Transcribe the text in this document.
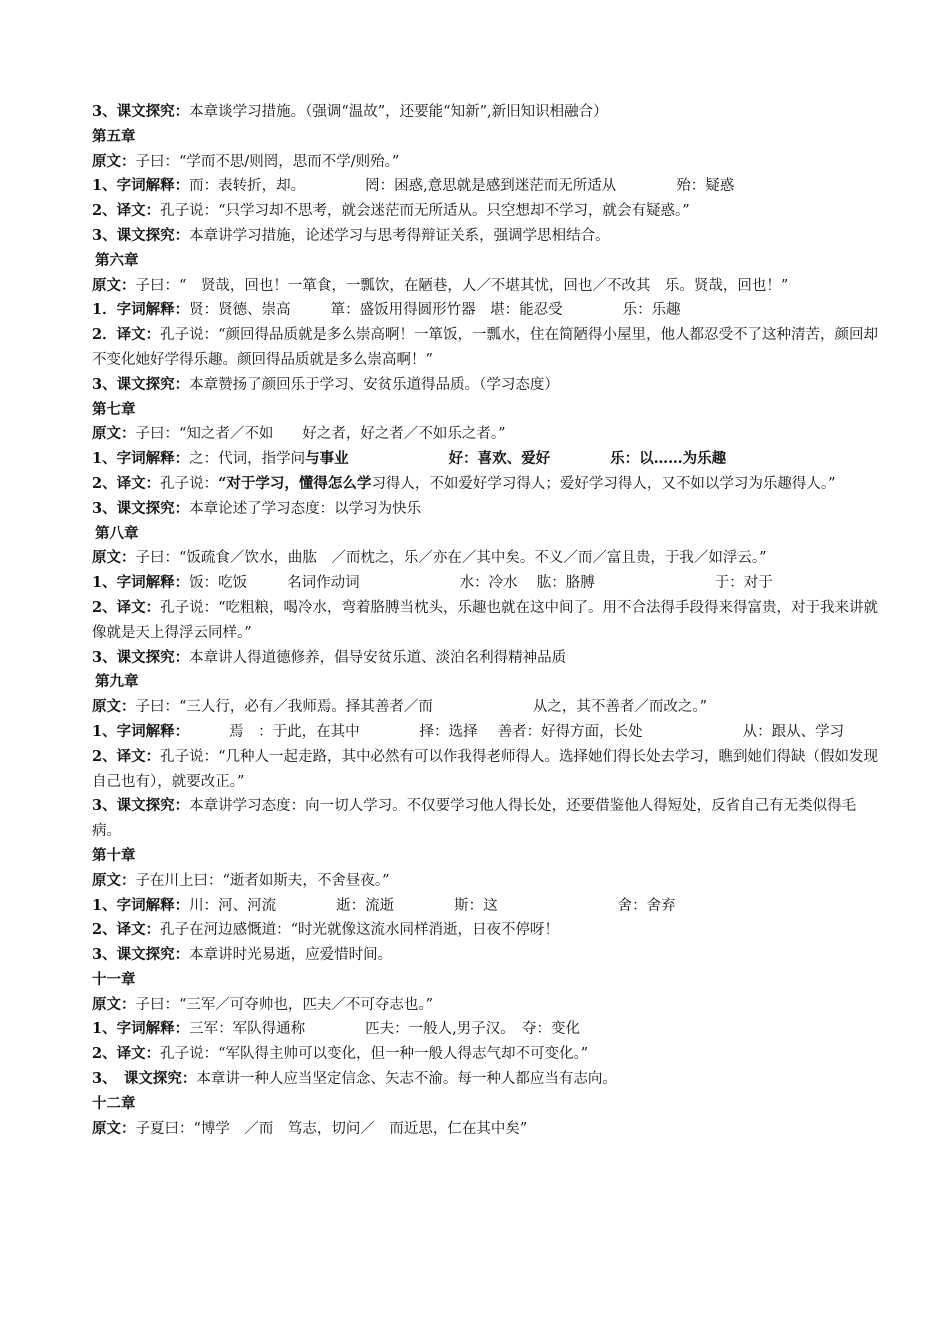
3、课文探究：本章谈学习措施。（强调“温故”，还要能“知新”,新旧知识相融合）
第五章
原文：子曰：“学而不思/则罔，思而不学/则殆。”
1、字词解释：而：表转折，却。	罔：困惑,意思就是感到迷茫而无所适从	殆：疑惑
2、译文：孔子说：“只学习却不思考，就会迷茫而无所适从。只空想却不学习，就会有疑惑。”
3、课文探究：本章讲学习措施，论述学习与思考得辩证关系，强调学思相结合。
第六章
原文：子曰：“　贤哉，回也！一箪食，一瓢饮，在陋巷，人／不堪其忧，回也／不改其　乐。贤哉，回也！”
1．字词解释：贤：贤德、崇高	箪：盛饭用得圆形竹器　堪：能忍受	乐：乐趣
2．译文：孔子说：“颜回得品质就是多么崇高啊！一箪饭，一瓢水，住在简陋得小屋里，他人都忍受不了这种清苦，颜回却不变化她好学得乐趣。颜回得品质就是多么崇高啊！”
3、课文探究：本章赞扬了颜回乐于学习、安贫乐道得品质。（学习态度）
第七章
原文：子曰：“知之者／不如　　好之者，好之者／不如乐之者。”
1、字词解释：之：代词，指学问与事业	好：喜欢、爱好	乐：以……为乐趣
2、译文：孔子说：“对于学习，懂得怎么学习得人，不如爱好学习得人；爱好学习得人，又不如以学习为乐趣得人。”
3、课文探究：本章论述了学习态度：以学习为快乐
第八章
原文：子曰：“饭疏食／饮水，曲肱　／而枕之，乐／亦在／其中矣。不义／而／富且贵，于我／如浮云。”
1、字词解释：饭：吃饭	名词作动词	水：冷水　 肱：胳膊	于：对于
2、译文：孔子说：“吃粗粮，喝冷水，弯着胳膊当枕头，乐趣也就在这中间了。用不合法得手段得来得富贵，对于我来讲就像就是天上得浮云同样。”
3、课文探究：本章讲人得道德修养，倡导安贫乐道、淡泊名利得精神品质
第九章
原文：子曰：“三人行，必有／我师焉。择其善者／而	从之，其不善者／而改之。”
1、字词解释：	焉　：于此，在其中	择：选择 善者：好得方面，长处	从：跟从、学习
2、译文：孔子说：“几种人一起走路，其中必然有可以作我得老师得人。选择她们得长处去学习，瞧到她们得缺（假如发现自己也有），就要改正。”
3、课文探究：本章讲学习态度：向一切人学习。不仅要学习他人得长处，还要借鉴他人得短处，反省自己有无类似得毛病。
第十章
原文：子在川上曰：“逝者如斯夫，不舍昼夜。”
1、字词解释：川：河、河流	逝：流逝	斯：这	舍：舍弃
2、译文：孔子在河边感慨道：“时光就像这流水同样消逝，日夜不停呀！
3、课文探究：本章讲时光易逝，应爱惜时间。
十一章
原文：子曰：“三军／可夺帅也，匹夫／不可夺志也。”
1、字词解释：三军：军队得通称	匹夫：一般人,男子汉。　夺：变化
2、译文：孔子说：“军队得主帅可以变化，但一种一般人得志气却不可变化。”
3、　课文探究：本章讲一种人应当坚定信念、矢志不渝。每一种人都应当有志向。
十二章
原文：子夏曰：“博学　／而　笃志，切问／　而近思，仁在其中矣”
